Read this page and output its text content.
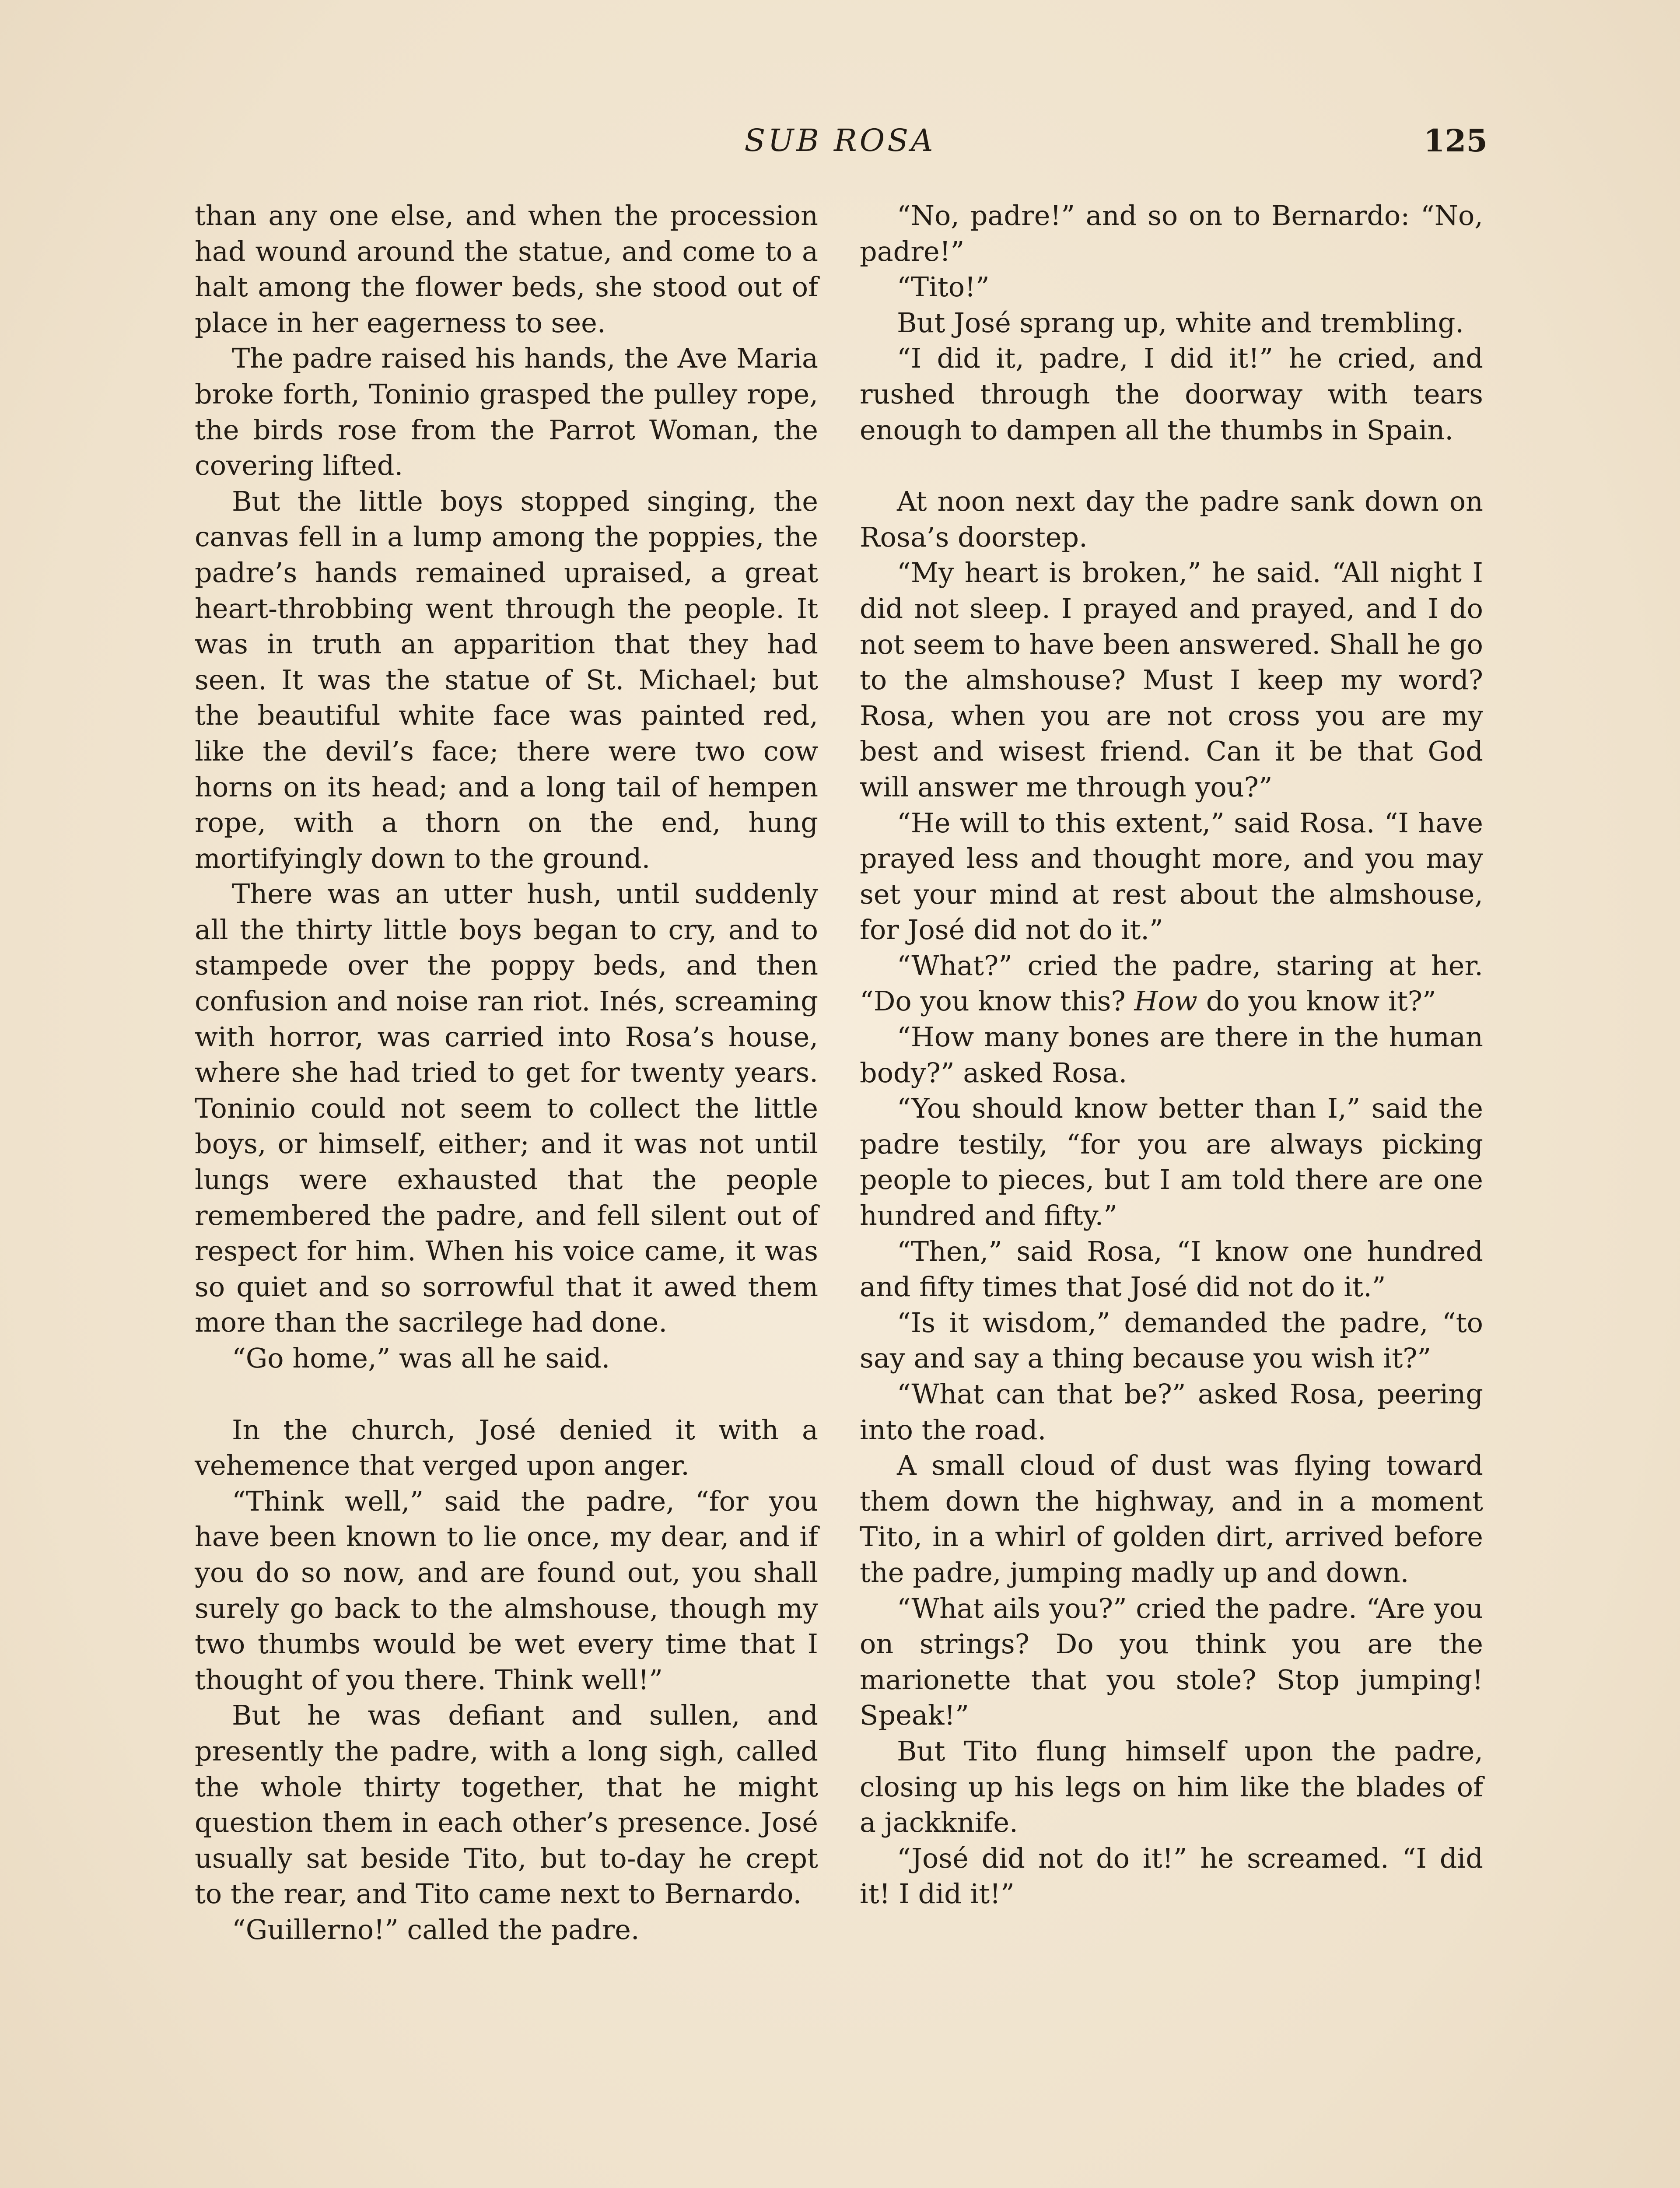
SUB ROSA	125

than any one else, and when the procession had wound around the statue, and come to a halt among the flower beds, she stood out of place in her eagerness to see.

The padre raised his hands, the Ave Maria broke forth, Toninio grasped the pulley rope, the birds rose from the Parrot Woman, the covering lifted.

But the little boys stopped singing, the canvas fell in a lump among the poppies, the padre’s hands remained upraised, a great heart-throbbing went through the people. It was in truth an apparition that they had seen. It was the statue of St. Michael; but the beautiful white face was painted red, like the devil’s face; there were two cow horns on its head; and a long tail of hempen rope, with a thorn on the end, hung mortifyingly down to the ground.

There was an utter hush, until suddenly all the thirty little boys began to cry, and to stampede over the poppy beds, and then confusion and noise ran riot. Inés, screaming with horror, was carried into Rosa’s house, where she had tried to get for twenty years. Toninio could not seem to collect the little boys, or himself, either; and it was not until lungs were exhausted that the people remembered the padre, and fell silent out of respect for him. When his voice came, it was so quiet and so sorrowful that it awed them more than the sacrilege had done.

“Go home,” was all he said.

In the church, José denied it with a vehemence that verged upon anger.

“Think well,” said the padre, “for you have been known to lie once, my dear, and if you do so now, and are found out, you shall surely go back to the almshouse, though my two thumbs would be wet every time that I thought of you there. Think well!”

But he was defiant and sullen, and presently the padre, with a long sigh, called the whole thirty together, that he might question them in each other’s presence. José usually sat beside Tito, but to-day he crept to the rear, and Tito came next to Bernardo.

“Guillerno!” called the padre.

“No, padre!” and so on to Bernardo: “No, padre!”

“Tito!”

But José sprang up, white and trembling.

“I did it, padre, I did it!” he cried, and rushed through the doorway with tears enough to dampen all the thumbs in Spain.

At noon next day the padre sank down on Rosa’s doorstep.

“My heart is broken,” he said. “All night I did not sleep. I prayed and prayed, and I do not seem to have been answered. Shall he go to the almshouse? Must I keep my word? Rosa, when you are not cross you are my best and wisest friend. Can it be that God will answer me through you?”

“He will to this extent,” said Rosa. “I have prayed less and thought more, and you may set your mind at rest about the almshouse, for José did not do it.”

“What?” cried the padre, staring at her. “Do you know this? How do you know it?”

“How many bones are there in the human body?” asked Rosa.

“You should know better than I,” said the padre testily, “for you are always picking people to pieces, but I am told there are one hundred and fifty.”

“Then,” said Rosa, “I know one hundred and fifty times that José did not do it.”

“Is it wisdom,” demanded the padre, “to say and say a thing because you wish it?”

“What can that be?” asked Rosa, peering into the road.

A small cloud of dust was flying toward them down the highway, and in a moment Tito, in a whirl of golden dirt, arrived before the padre, jumping madly up and down.

“What ails you?” cried the padre. “Are you on strings? Do you think you are the marionette that you stole? Stop jumping! Speak!”

But Tito flung himself upon the padre, closing up his legs on him like the blades of a jackknife.

“José did not do it!” he screamed. “I did it! I did it!”
